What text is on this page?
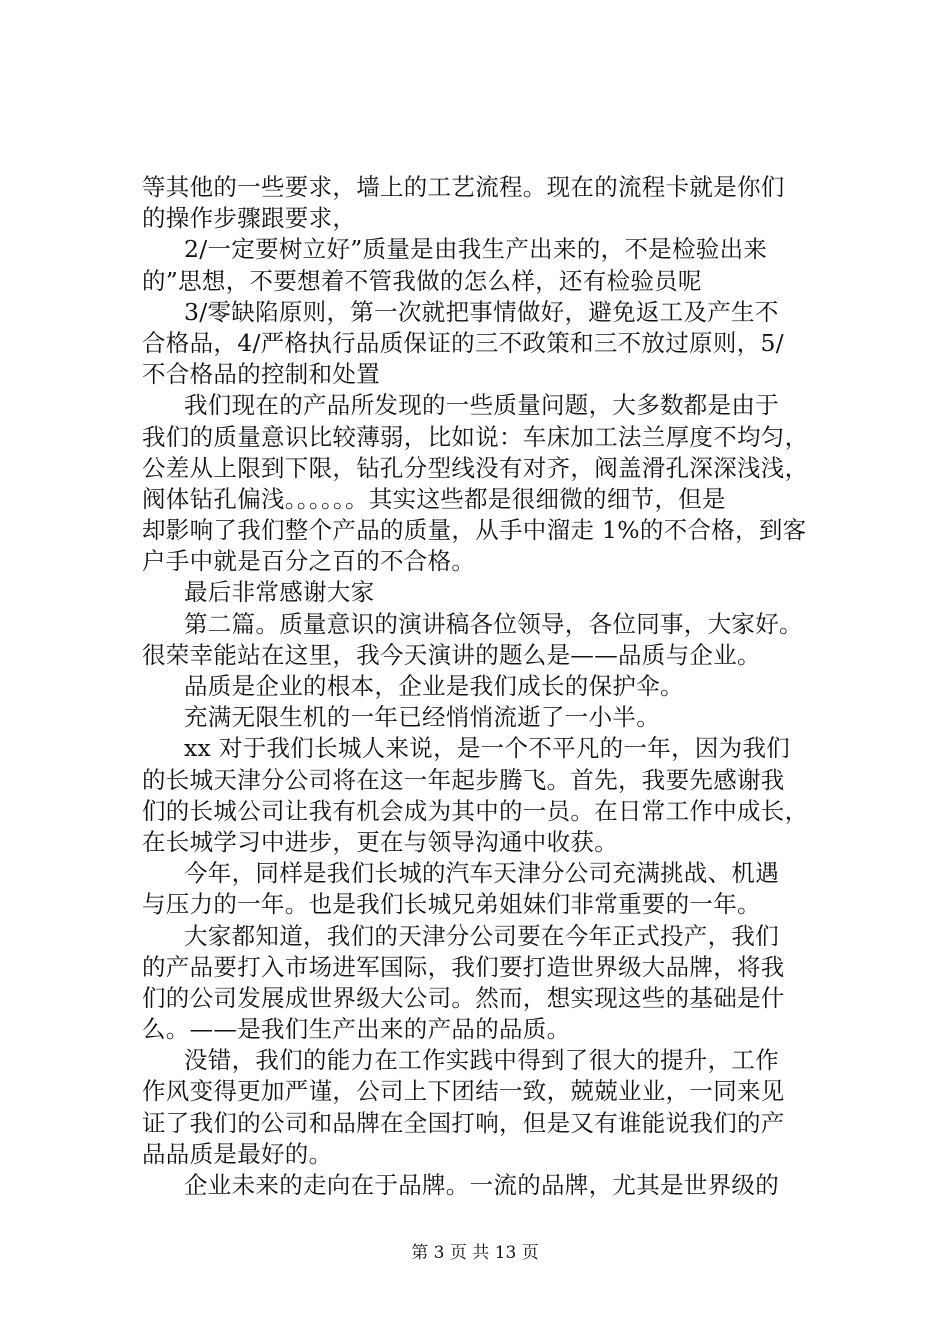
等其他的一些要求，墙上的工艺流程。现在的流程卡就是你们
的操作步骤跟要求，
2/一定要树立好”质量是由我生产出来的，不是检验出来
的”思想，不要想着不管我做的怎么样，还有检验员呢
3/零缺陷原则，第一次就把事情做好，避免返工及产生不
合格品，4/严格执行品质保证的三不政策和三不放过原则，5/
不合格品的控制和处置
我们现在的产品所发现的一些质量问题，大多数都是由于
我们的质量意识比较薄弱，比如说：车床加工法兰厚度不均匀，
公差从上限到下限，钻孔分型线没有对齐，阀盖滑孔深深浅浅，
阀体钻孔偏浅。。。。。。其实这些都是很细微的细节，但是
却影响了我们整个产品的质量，从手中溜走 1%的不合格，到客
户手中就是百分之百的不合格。
最后非常感谢大家
第二篇。质量意识的演讲稿各位领导，各位同事，大家好。
很荣幸能站在这里，我今天演讲的题么是——品质与企业。
品质是企业的根本，企业是我们成长的保护伞。
充满无限生机的一年已经悄悄流逝了一小半。
xx 对于我们长城人来说，是一个不平凡的一年，因为我们
的长城天津分公司将在这一年起步腾飞。首先，我要先感谢我
们的长城公司让我有机会成为其中的一员。在日常工作中成长，
在长城学习中进步，更在与领导沟通中收获。
今年，同样是我们长城的汽车天津分公司充满挑战、机遇
与压力的一年。也是我们长城兄弟姐妹们非常重要的一年。
大家都知道，我们的天津分公司要在今年正式投产，我们
的产品要打入市场进军国际，我们要打造世界级大品牌，将我
们的公司发展成世界级大公司。然而，想实现这些的基础是什
么。——是我们生产出来的产品的品质。
没错，我们的能力在工作实践中得到了很大的提升，工作
作风变得更加严谨，公司上下团结一致，兢兢业业，一同来见
证了我们的公司和品牌在全国打响，但是又有谁能说我们的产
品品质是最好的。
企业未来的走向在于品牌。一流的品牌，尤其是世界级的
第 3 页 共 13 页
